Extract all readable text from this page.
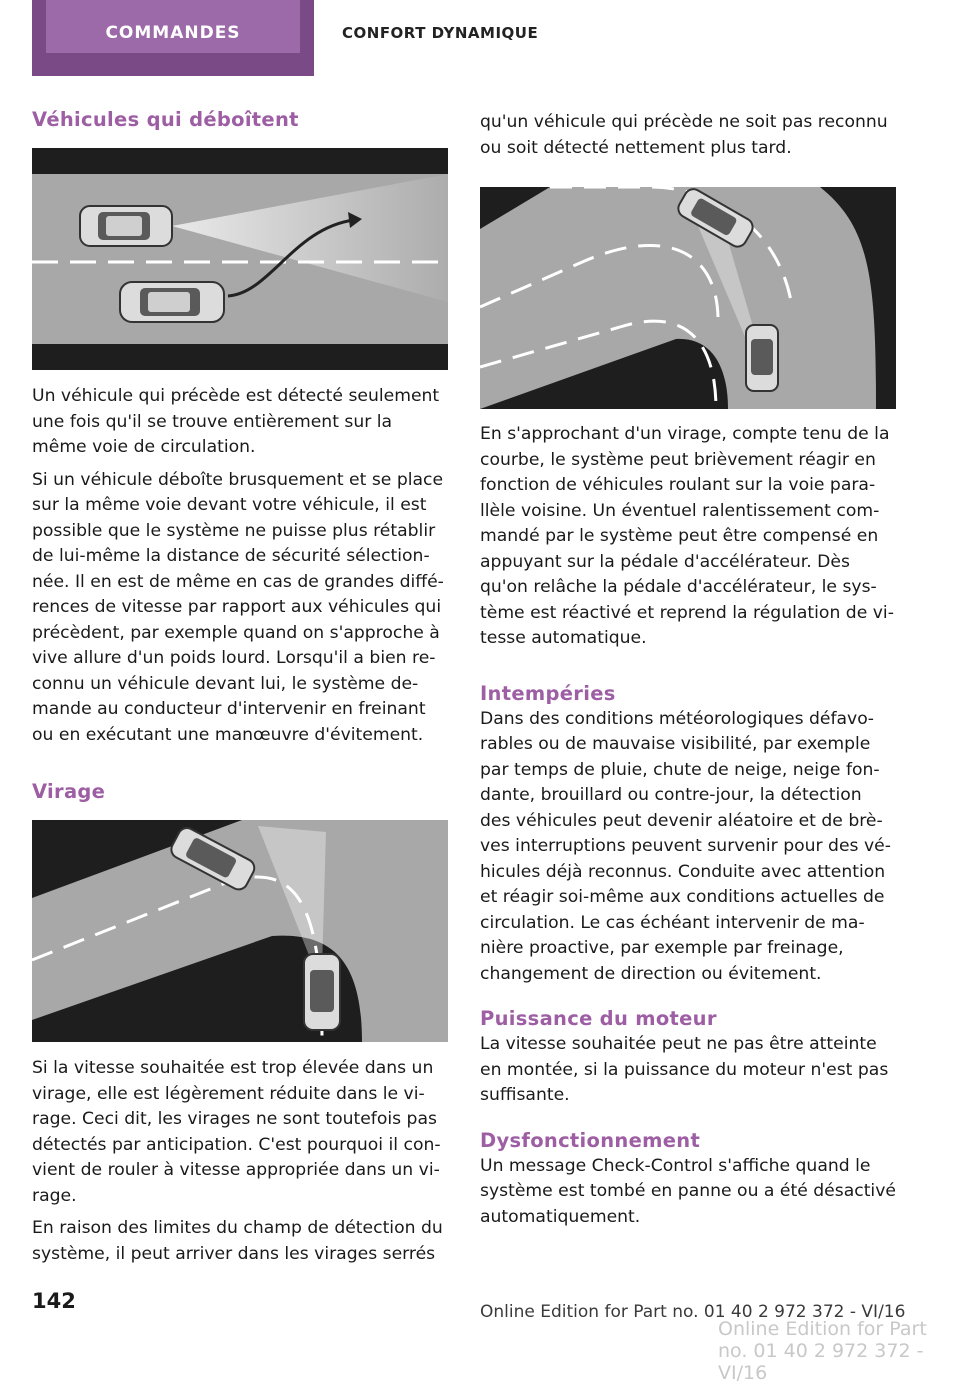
COMMANDES	CONFORT DYNAMIQUE
Véhicules qui déboîtent

Un véhicule qui précède est détecté seulement une fois qu'il se trouve entièrement sur la même voie de circulation.

Si un véhicule déboîte brusquement et se place sur la même voie devant votre véhicule, il est possible que le système ne puisse plus rétablir de lui-même la distance de sécurité sélection‐née. Il en est de même en cas de grandes diffé‐rences de vitesse par rapport aux véhicules qui précèdent, par exemple quand on s'approche à vive allure d'un poids lourd. Lorsqu'il a bien re‐connu un véhicule devant lui, le système de‐mande au conducteur d'intervenir en freinant ou en exécutant une manœuvre d'évitement.

Virage

Si la vitesse souhaitée est trop élevée dans un virage, elle est légèrement réduite dans le vi‐rage. Ceci dit, les virages ne sont toutefois pas détectés par anticipation. C'est pourquoi il con‐vient de rouler à vitesse appropriée dans un vi‐rage.

En raison des limites du champ de détection du système, il peut arriver dans les virages serrés

qu'un véhicule qui précède ne soit pas reconnu ou soit détecté nettement plus tard.

En s'approchant d'un virage, compte tenu de la courbe, le système peut brièvement réagir en fonction de véhicules roulant sur la voie para‐llèle voisine. Un éventuel ralentissement com‐mandé par le système peut être compensé en appuyant sur la pédale d'accélérateur. Dès qu'on relâche la pédale d'accélérateur, le sys‐tème est réactivé et reprend la régulation de vi‐tesse automatique.

Intempéries

Dans des conditions météorologiques défavo‐rables ou de mauvaise visibilité, par exemple par temps de pluie, chute de neige, neige fon‐dante, brouillard ou contre-jour, la détection des véhicules peut devenir aléatoire et de brè‐ves interruptions peuvent survenir pour des vé‐hicules déjà reconnus. Conduite avec attention et réagir soi-même aux conditions actuelles de circulation. Le cas échéant intervenir de ma‐nière proactive, par exemple par freinage, changement de direction ou évitement.

Puissance du moteur

La vitesse souhaitée peut ne pas être atteinte en montée, si la puissance du moteur n'est pas suffisante.

Dysfonctionnement

Un message Check-Control s'affiche quand le système est tombé en panne ou a été désactivé automatiquement.

142	Online Edition for Part no. 01 40 2 972 372 - VI/16
Online Edition for Part no. 01 40 2 972 372 - VI/16
